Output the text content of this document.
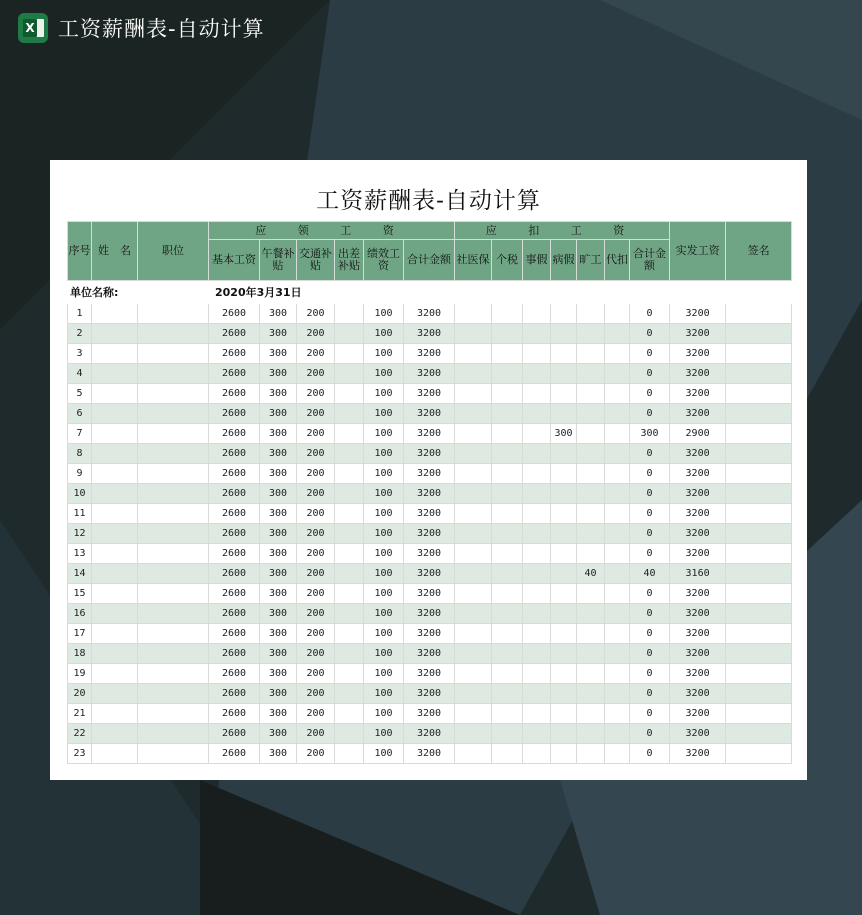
X 工资薪酬表-自动计算
工资薪酬表-自动计算
单位名称:			2020年3月31日														
序号	姓　名	职位	应 领 工 资						应 扣 工 资							实发工资	签名
			基本工资	午餐补贴	交通补贴	出差补贴	绩效工资	合计金额	社医保	个税	事假	病假	旷工	代扣	合计金额		
1			2600	300	200		100	3200							0	3200	
2			2600	300	200		100	3200							0	3200	
3			2600	300	200		100	3200							0	3200	
4			2600	300	200		100	3200							0	3200	
5			2600	300	200		100	3200							0	3200	
6			2600	300	200		100	3200							0	3200	
7			2600	300	200		100	3200				300			300	2900	
8			2600	300	200		100	3200							0	3200	
9			2600	300	200		100	3200							0	3200	
10			2600	300	200		100	3200							0	3200	
11			2600	300	200		100	3200							0	3200	
12			2600	300	200		100	3200							0	3200	
13			2600	300	200		100	3200							0	3200	
14			2600	300	200		100	3200					40		40	3160	
15			2600	300	200		100	3200							0	3200	
16			2600	300	200		100	3200							0	3200	
17			2600	300	200		100	3200							0	3200	
18			2600	300	200		100	3200							0	3200	
19			2600	300	200		100	3200							0	3200	
20			2600	300	200		100	3200							0	3200	
21			2600	300	200		100	3200							0	3200	
22			2600	300	200		100	3200							0	3200	
23			2600	300	200		100	3200							0	3200	
